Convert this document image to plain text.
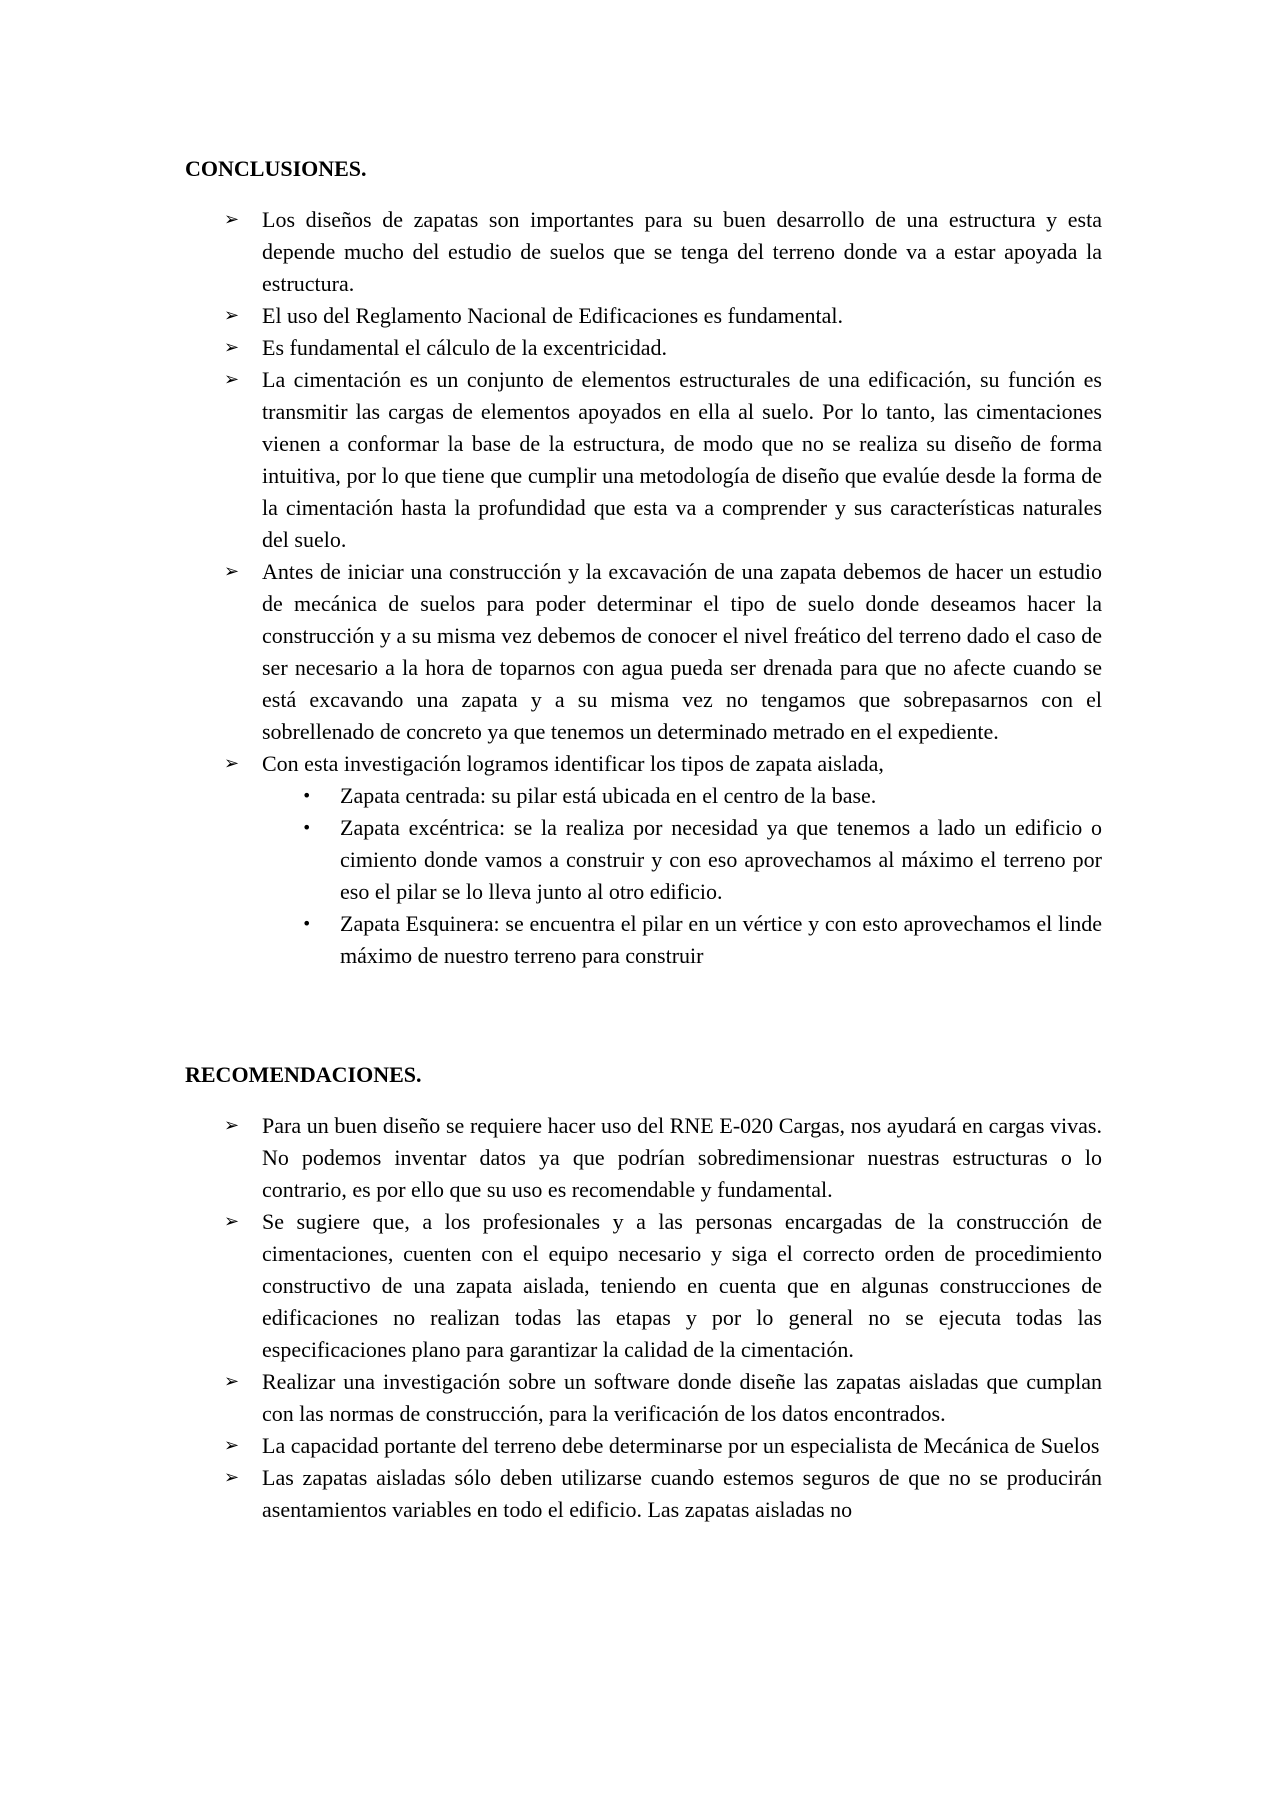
CONCLUSIONES.
➢ Los diseños de zapatas son importantes para su buen desarrollo de una estructura y esta depende mucho del estudio de suelos que se tenga del terreno donde va a estar apoyada la estructura.
➢ El uso del Reglamento Nacional de Edificaciones es fundamental.
➢ Es fundamental el cálculo de la excentricidad.
➢ La cimentación es un conjunto de elementos estructurales de una edificación, su función es transmitir las cargas de elementos apoyados en ella al suelo. Por lo tanto, las cimentaciones vienen a conformar la base de la estructura, de modo que no se realiza su diseño de forma intuitiva, por lo que tiene que cumplir una metodología de diseño que evalúe desde la forma de la cimentación hasta la profundidad que esta va a comprender y sus características naturales del suelo.
➢ Antes de iniciar una construcción y la excavación de una zapata debemos de hacer un estudio de mecánica de suelos para poder determinar el tipo de suelo donde deseamos hacer la construcción y a su misma vez debemos de conocer el nivel freático del terreno dado el caso de ser necesario a la hora de toparnos con agua pueda ser drenada para que no afecte cuando se está excavando una zapata y a su misma vez no tengamos que sobrepasarnos con el sobrellenado de concreto ya que tenemos un determinado metrado en el expediente.
➢ Con esta investigación logramos identificar los tipos de zapata aislada,
• Zapata centrada: su pilar está ubicada en el centro de la base.
• Zapata excéntrica: se la realiza por necesidad ya que tenemos a lado un edificio o cimiento donde vamos a construir y con eso aprovechamos al máximo el terreno por eso el pilar se lo lleva junto al otro edificio.
• Zapata Esquinera: se encuentra el pilar en un vértice y con esto aprovechamos el linde máximo de nuestro terreno para construir
RECOMENDACIONES.
➢ Para un buen diseño se requiere hacer uso del RNE E-020 Cargas, nos ayudará en cargas vivas. No podemos inventar datos ya que podrían sobredimensionar nuestras estructuras o lo contrario, es por ello que su uso es recomendable y fundamental.
➢ Se sugiere que, a los profesionales y a las personas encargadas de la construcción de cimentaciones, cuenten con el equipo necesario y siga el correcto orden de procedimiento constructivo de una zapata aislada, teniendo en cuenta que en algunas construcciones de edificaciones no realizan todas las etapas y por lo general no se ejecuta todas las especificaciones plano para garantizar la calidad de la cimentación.
➢ Realizar una investigación sobre un software donde diseñe las zapatas aisladas que cumplan con las normas de construcción, para la verificación de los datos encontrados.
➢ La capacidad portante del terreno debe determinarse por un especialista de Mecánica de Suelos
➢ Las zapatas aisladas sólo deben utilizarse cuando estemos seguros de que no se producirán asentamientos variables en todo el edificio. Las zapatas aisladas no
